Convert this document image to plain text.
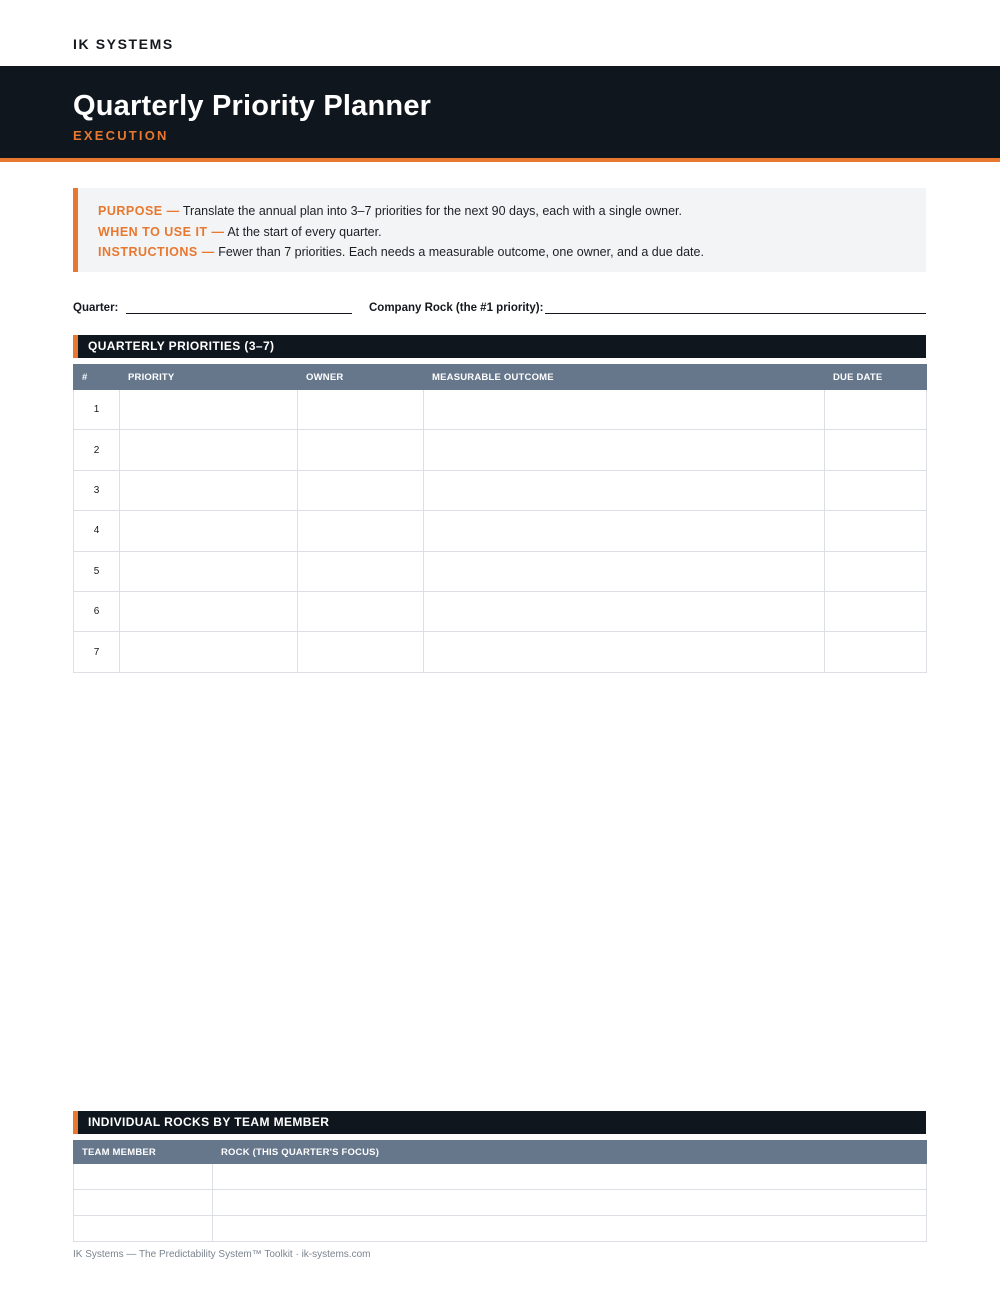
IK SYSTEMS
Quarterly Priority Planner
EXECUTION
PURPOSE — Translate the annual plan into 3–7 priorities for the next 90 days, each with a single owner.
WHEN TO USE IT — At the start of every quarter.
INSTRUCTIONS — Fewer than 7 priorities. Each needs a measurable outcome, one owner, and a due date.
Quarter:	Company Rock (the #1 priority):
QUARTERLY PRIORITIES (3–7)
#	PRIORITY	OWNER	MEASURABLE OUTCOME	DUE DATE
1				
2				
3				
4				
5				
6				
7				
INDIVIDUAL ROCKS BY TEAM MEMBER
TEAM MEMBER	ROCK (THIS QUARTER'S FOCUS)

IK Systems — The Predictability System™ Toolkit · ik-systems.com
